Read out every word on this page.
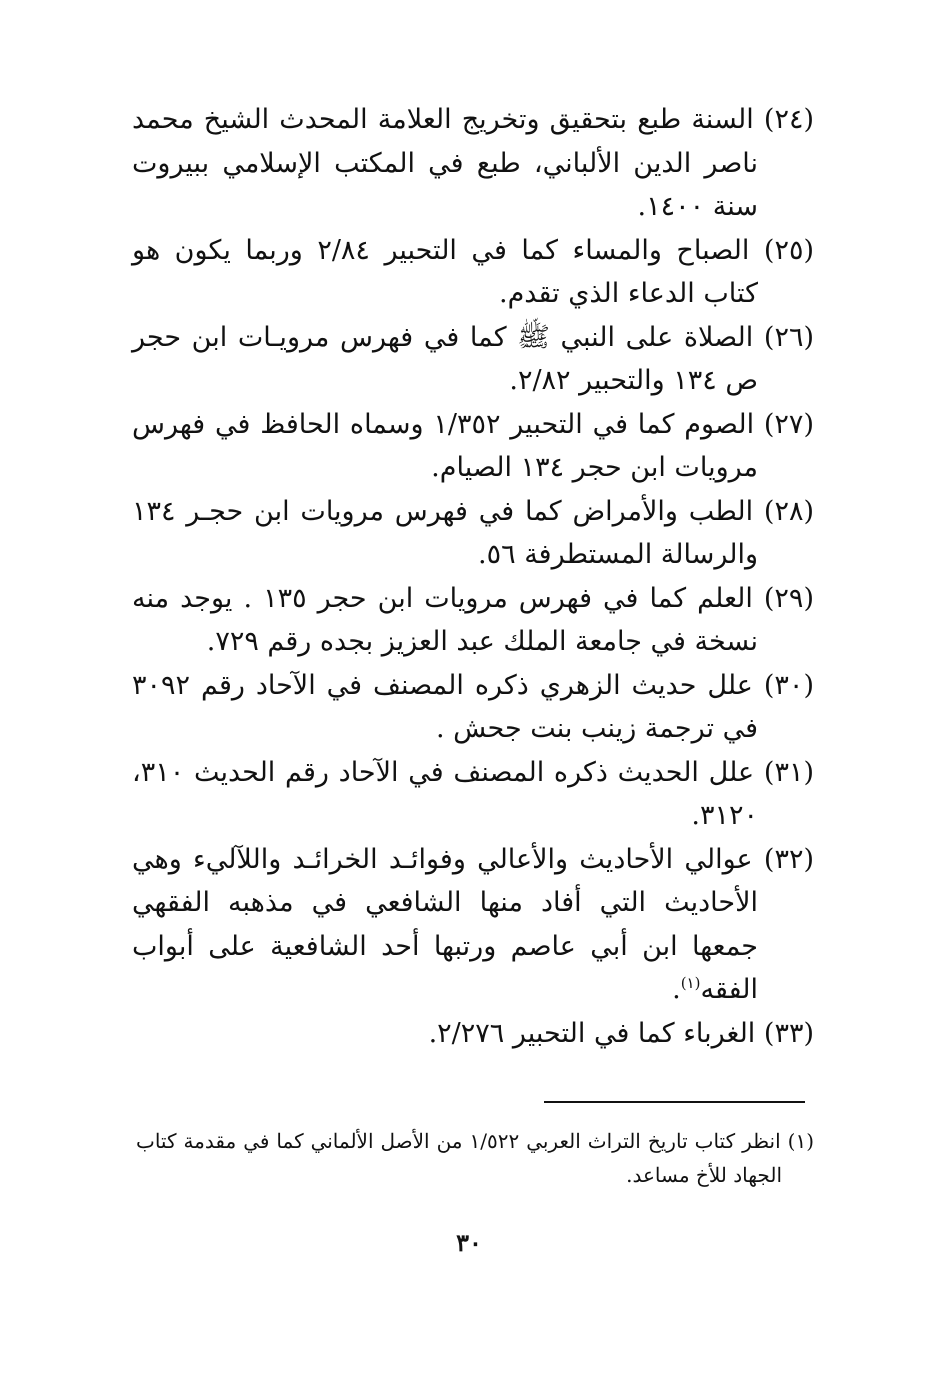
(٢٤) السنة طبع بتحقيق وتخريج العلامة المحدث الشيخ محمد ناصر الدين الألباني، طبع في المكتب الإسلامي ببيروت سنة ١٤٠٠.

(٢٥) الصباح والمساء كما في التحبير ٢/٨٤ وربما يكون هو كتاب الدعاء الذي تقدم.

(٢٦) الصلاة على النبي ﷺ كما في فهرس مرويـات ابن حجر ص ١٣٤ والتحبير ٢/٨٢.

(٢٧) الصوم كما في التحبير ١/٣٥٢ وسماه الحافظ في فهرس مرويات ابن حجر ١٣٤ الصيام.

(٢٨) الطب والأمراض كما في فهرس مرويات ابن حجـر ١٣٤ والرسالة المستطرفة ٥٦.

(٢٩) العلم كما في فهرس مرويات ابن حجر ١٣٥ . يوجد منه نسخة في جامعة الملك عبد العزيز بجده رقم ٧٢٩.

(٣٠) علل حديث الزهري ذكره المصنف في الآحاد رقم ٣٠٩٢ في ترجمة زينب بنت جحش .

(٣١) علل الحديث ذكره المصنف في الآحاد رقم الحديث ٣١٠، ٣١٢٠.

(٣٢) عوالي الأحاديث والأعالي وفوائـد الخرائـد واللآليء وهي الأحاديث التي أفاد منها الشافعي في مذهبه الفقهي جمعها ابن أبي عاصم ورتبها أحد الشافعية على أبواب الفقه$^{(١)}$.

(٣٣) الغرباء كما في التحبير ٢/٢٧٦.

(١) انظر كتاب تاريخ التراث العربي ١/٥٢٢ من الأصل الألماني كما في مقدمة كتاب الجهاد للأخ مساعد.

٣٠
